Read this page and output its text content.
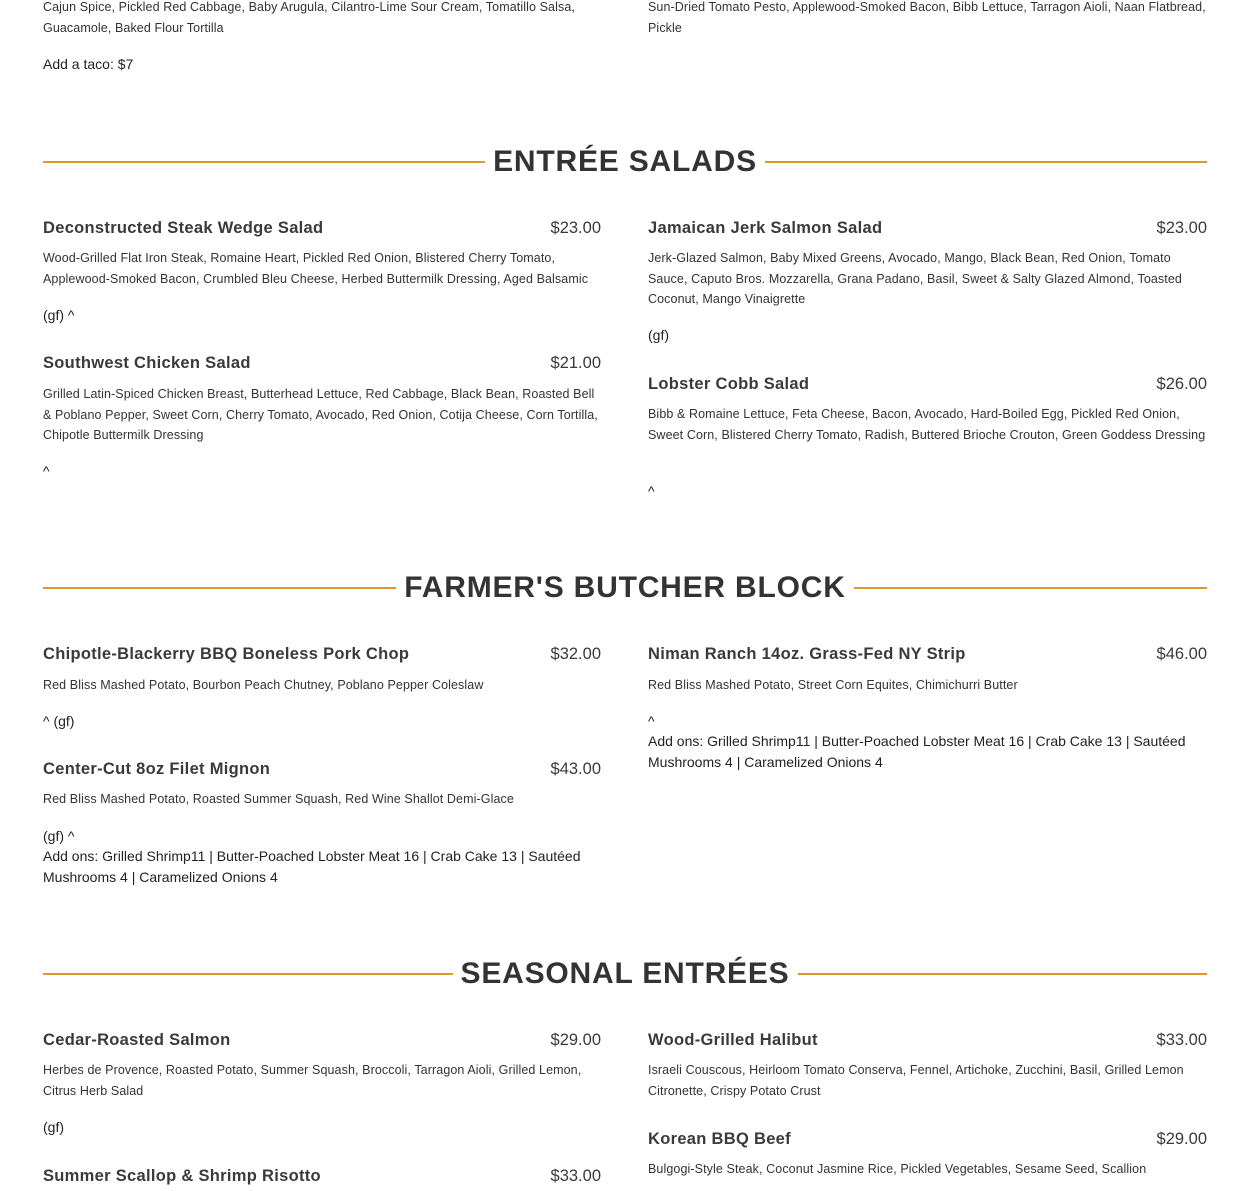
Cajun Spice, Pickled Red Cabbage, Baby Arugula, Cilantro-Lime Sour Cream, Tomatillo Salsa, Guacamole, Baked Flour Tortilla
Add a taco: $7
Sun-Dried Tomato Pesto, Applewood-Smoked Bacon, Bibb Lettuce, Tarragon Aioli, Naan Flatbread, Pickle
ENTRÉE SALADS
Deconstructed Steak Wedge Salad	$23.00
Wood-Grilled Flat Iron Steak, Romaine Heart, Pickled Red Onion, Blistered Cherry Tomato, Applewood-Smoked Bacon, Crumbled Bleu Cheese, Herbed Buttermilk Dressing, Aged Balsamic
(gf) ^
Jamaican Jerk Salmon Salad	$23.00
Jerk-Glazed Salmon, Baby Mixed Greens, Avocado, Mango, Black Bean, Red Onion, Tomato Sauce, Caputo Bros. Mozzarella, Grana Padano, Basil, Sweet & Salty Glazed Almond, Toasted Coconut, Mango Vinaigrette
(gf)
Southwest Chicken Salad	$21.00
Grilled Latin-Spiced Chicken Breast, Butterhead Lettuce, Red Cabbage, Black Bean, Roasted Bell & Poblano Pepper, Sweet Corn, Cherry Tomato, Avocado, Red Onion, Cotija Cheese, Corn Tortilla, Chipotle Buttermilk Dressing
^
Lobster Cobb Salad	$26.00
Bibb & Romaine Lettuce, Feta Cheese, Bacon, Avocado, Hard-Boiled Egg, Pickled Red Onion, Sweet Corn, Blistered Cherry Tomato, Radish, Buttered Brioche Crouton, Green Goddess Dressing
^
FARMER'S BUTCHER BLOCK
Chipotle-Blackerry BBQ Boneless Pork Chop	$32.00
Red Bliss Mashed Potato, Bourbon Peach Chutney, Poblano Pepper Coleslaw
^ (gf)
Niman Ranch 14oz. Grass-Fed NY Strip	$46.00
Red Bliss Mashed Potato, Street Corn Equites, Chimichurri Butter
^
Add ons: Grilled Shrimp11 | Butter-Poached Lobster Meat 16 | Crab Cake 13 | Sautéed Mushrooms 4 | Caramelized Onions 4
Center-Cut 8oz Filet Mignon	$43.00
Red Bliss Mashed Potato, Roasted Summer Squash, Red Wine Shallot Demi-Glace
(gf) ^
Add ons: Grilled Shrimp11 | Butter-Poached Lobster Meat 16 | Crab Cake 13 | Sautéed Mushrooms 4 | Caramelized Onions 4
SEASONAL ENTRÉES
Cedar-Roasted Salmon	$29.00
Herbes de Provence, Roasted Potato, Summer Squash, Broccoli, Tarragon Aioli, Grilled Lemon, Citrus Herb Salad
(gf)
Wood-Grilled Halibut	$33.00
Israeli Couscous, Heirloom Tomato Conserva, Fennel, Artichoke, Zucchini, Basil, Grilled Lemon Citronette, Crispy Potato Crust
Summer Scallop & Shrimp Risotto	$33.00
Korean BBQ Beef	$29.00
Bulgogi-Style Steak, Coconut Jasmine Rice, Pickled Vegetables, Sesame Seed, Scallion
